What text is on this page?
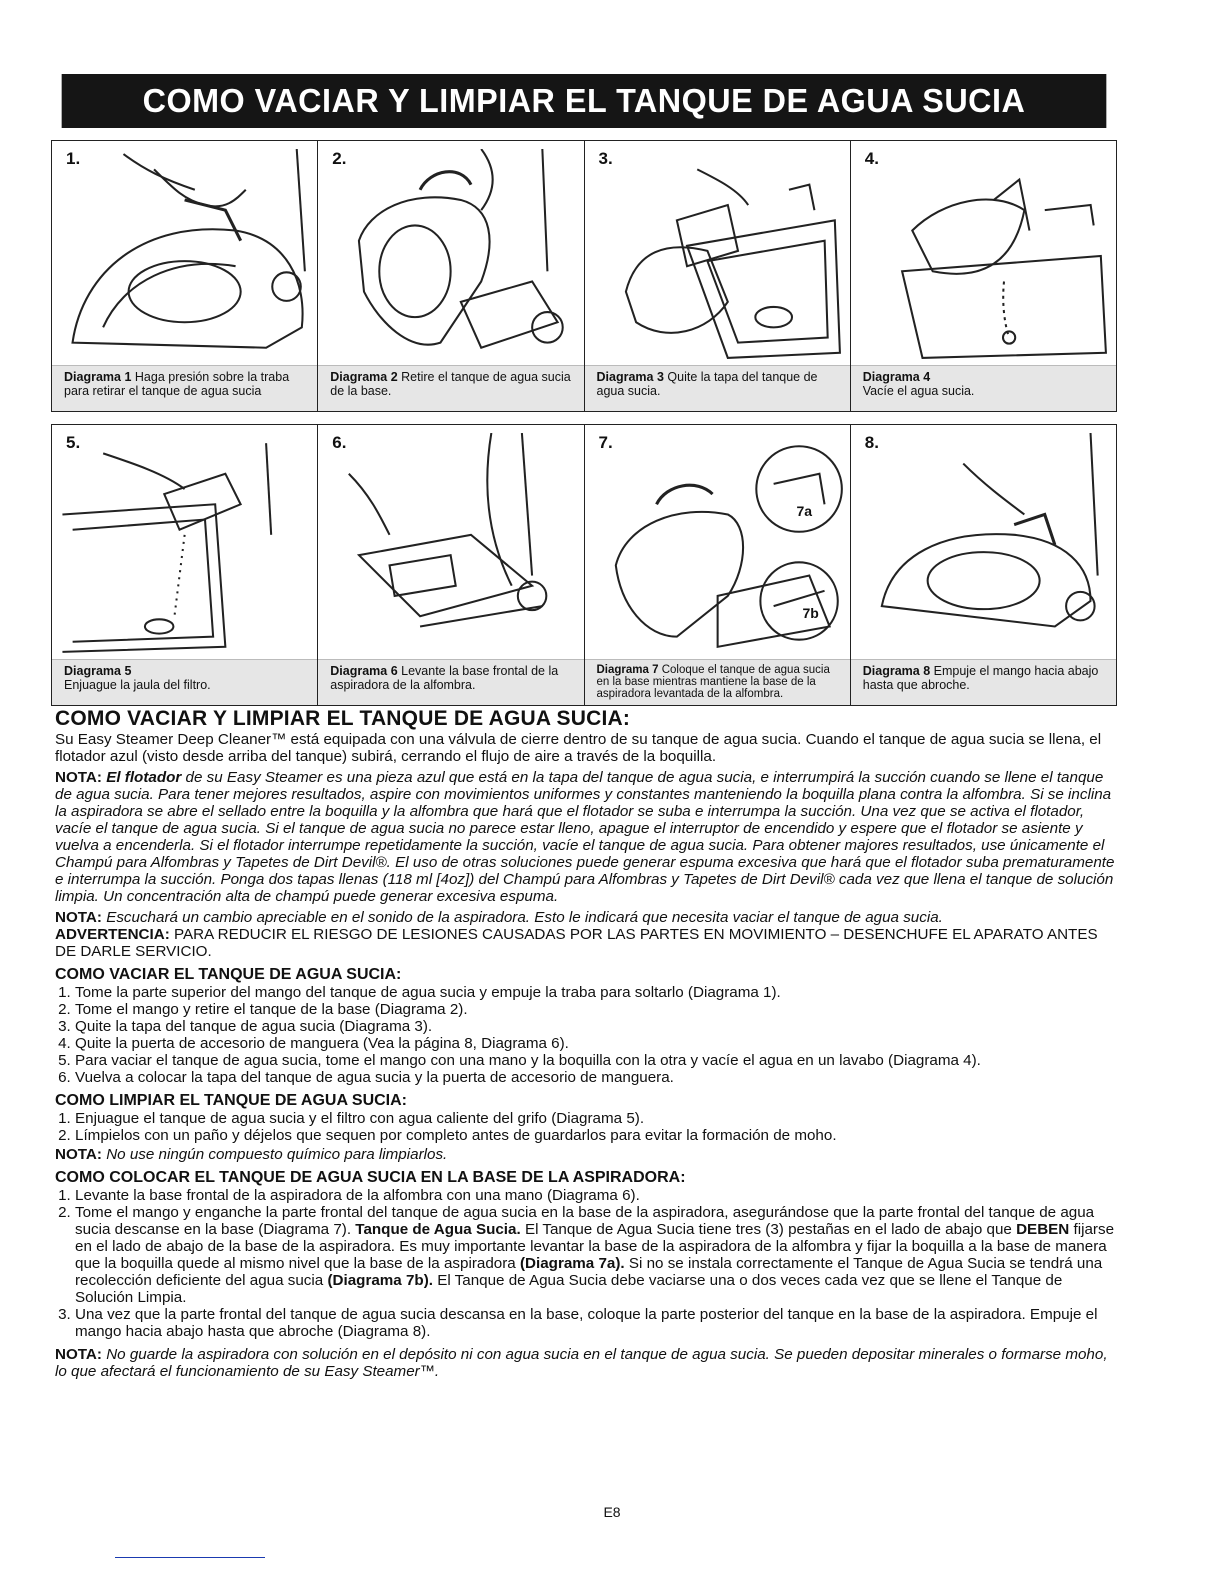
COMO VACIAR Y LIMPIAR EL TANQUE DE AGUA SUCIA
1.
Diagrama 1 Haga presión sobre la traba para retirar el tanque de agua sucia
2.
Diagrama 2 Retire el tanque de agua sucia de la base.
3.
Diagrama 3 Quite la tapa del tanque de agua sucia.
4.
Diagrama 4
Vacíe el agua sucia.
5.
Diagrama 5
Enjuague la jaula del filtro.
6.
Diagrama 6 Levante la base frontal de la aspiradora de la alfombra.
7.
7a
7b
Diagrama 7 Coloque el tanque de agua sucia en la base mientras mantiene la base de la aspiradora levantada de la alfombra.
8.
Diagrama 8 Empuje el mango hacia abajo hasta que abroche.
COMO VACIAR Y LIMPIAR EL TANQUE DE AGUA SUCIA:

Su Easy Steamer Deep Cleaner™ está equipada con una válvula de cierre dentro de su tanque de agua sucia. Cuando el tanque de agua sucia se llena, el flotador azul (visto desde arriba del tanque) subirá, cerrando el flujo de aire a través de la boquilla.

NOTA: El flotador de su Easy Steamer es una pieza azul que está en la tapa del tanque de agua sucia, e interrumpirá la succión cuando se llene el tanque de agua sucia. Para tener mejores resultados, aspire con movimientos uniformes y constantes manteniendo la boquilla plana contra la alfombra. Si se inclina la aspiradora se abre el sellado entre la boquilla y la alfombra que hará que el flotador se suba e interrumpa la succión. Una vez que se activa el flotador, vacíe el tanque de agua sucia. Si el tanque de agua sucia no parece estar lleno, apague el interruptor de encendido y espere que el flotador se asiente y vuelva a encenderla. Si el flotador interrumpe repetidamente la succión, vacíe el tanque de agua sucia. Para obtener majores resultados, use únicamente el Champú para Alfombras y Tapetes de Dirt Devil®. El uso de otras soluciones puede generar espuma excesiva que hará que el flotador suba prematuramente e interrumpa la succión. Ponga dos tapas llenas (118 ml [4oz]) del Champú para Alfombras y Tapetes de Dirt Devil® cada vez que llena el tanque de solución limpia. Un concentración alta de champú puede generar excesiva espuma.

NOTA: Escuchará un cambio apreciable en el sonido de la aspiradora. Esto le indicará que necesita vaciar el tanque de agua sucia.

ADVERTENCIA: PARA REDUCIR EL RIESGO DE LESIONES CAUSADAS POR LAS PARTES EN MOVIMIENTO – DESENCHUFE EL APARATO ANTES DE DARLE SERVICIO.

COMO VACIAR EL TANQUE DE AGUA SUCIA:
1. Tome la parte superior del mango del tanque de agua sucia y empuje la traba para soltarlo (Diagrama 1).
2. Tome el mango y retire el tanque de la base (Diagrama 2).
3. Quite la tapa del tanque de agua sucia (Diagrama 3).
4. Quite la puerta de accesorio de manguera (Vea la página 8, Diagrama 6).
5. Para vaciar el tanque de agua sucia, tome el mango con una mano y la boquilla con la otra y vacíe el agua en un lavabo (Diagrama 4).
6. Vuelva a colocar la tapa del tanque de agua sucia y la puerta de accesorio de manguera.
COMO LIMPIAR EL TANQUE DE AGUA SUCIA:
1. Enjuague el tanque de agua sucia y el filtro con agua caliente del grifo (Diagrama 5).
2. Límpielos con un paño y déjelos que sequen por completo antes de guardarlos para evitar la formación de moho.

NOTA: No use ningún compuesto químico para limpiarlos.

COMO COLOCAR EL TANQUE DE AGUA SUCIA EN LA BASE DE LA ASPIRADORA:
1. Levante la base frontal de la aspiradora de la alfombra con una mano (Diagrama 6).
2. Tome el mango y enganche la parte frontal del tanque de agua sucia en la base de la aspiradora, asegurándose que la parte frontal del tanque de agua sucia descanse en la base (Diagrama 7). Tanque de Agua Sucia. El Tanque de Agua Sucia tiene tres (3) pestañas en el lado de abajo que DEBEN fijarse en el lado de abajo de la base de la aspiradora. Es muy importante levantar la base de la aspiradora de la alfombra y fijar la boquilla a la base de manera que la boquilla quede al mismo nivel que la base de la aspiradora (Diagrama 7a). Si no se instala correctamente el Tanque de Agua Sucia se tendrá una recolección deficiente del agua sucia (Diagrama 7b). El Tanque de Agua Sucia debe vaciarse una o dos veces cada vez que se llene el Tanque de Solución Limpia.
3. Una vez que la parte frontal del tanque de agua sucia descansa en la base, coloque la parte posterior del tanque en la base de la aspiradora. Empuje el mango hacia abajo hasta que abroche (Diagrama 8).

NOTA: No guarde la aspiradora con solución en el depósito ni con agua sucia en el tanque de agua sucia. Se pueden depositar minerales o formarse moho, lo que afectará el funcionamiento de su Easy Steamer™.

E8
